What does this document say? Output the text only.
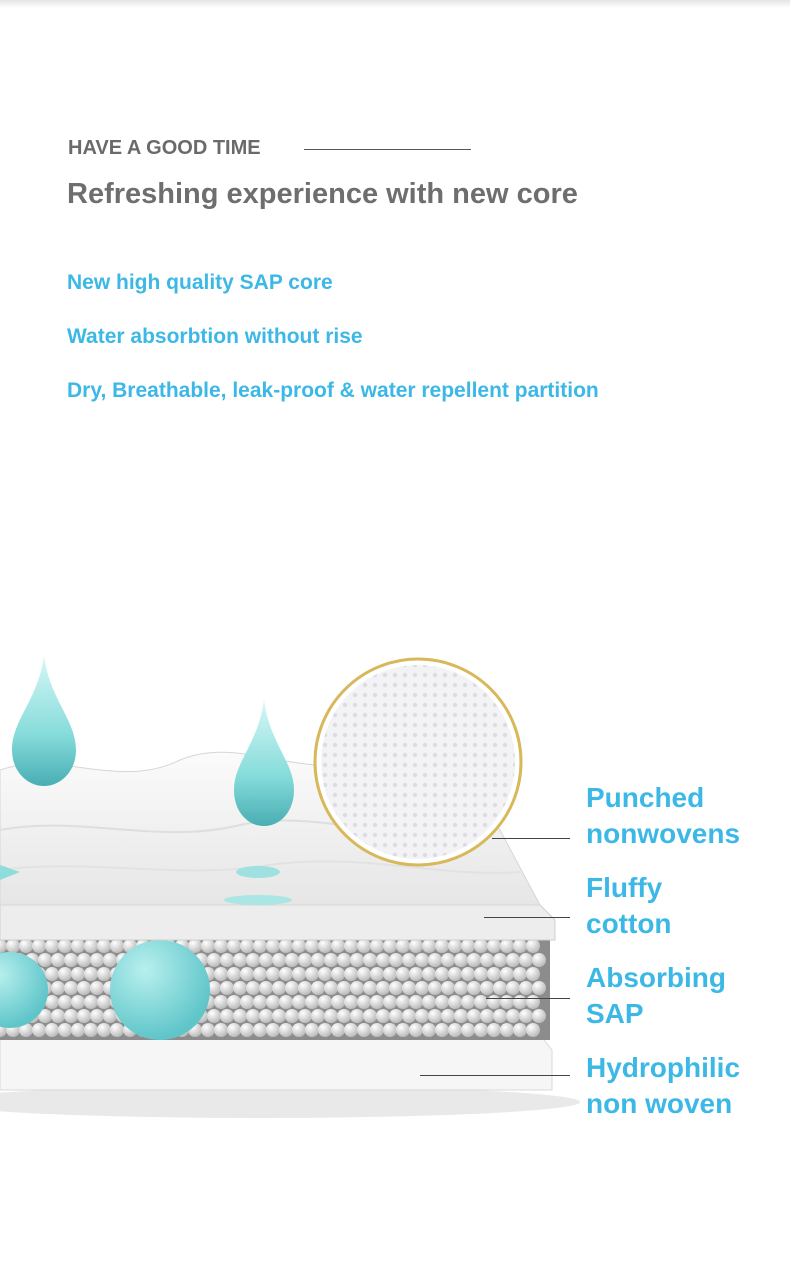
HAVE A GOOD TIME
Refreshing experience with new core
New high quality SAP core
Water absorbtion without rise
Dry, Breathable, leak-proof & water repellent partition
Punched
nonwovens
Fluffy
cotton
Absorbing
SAP
Hydrophilic
non woven
